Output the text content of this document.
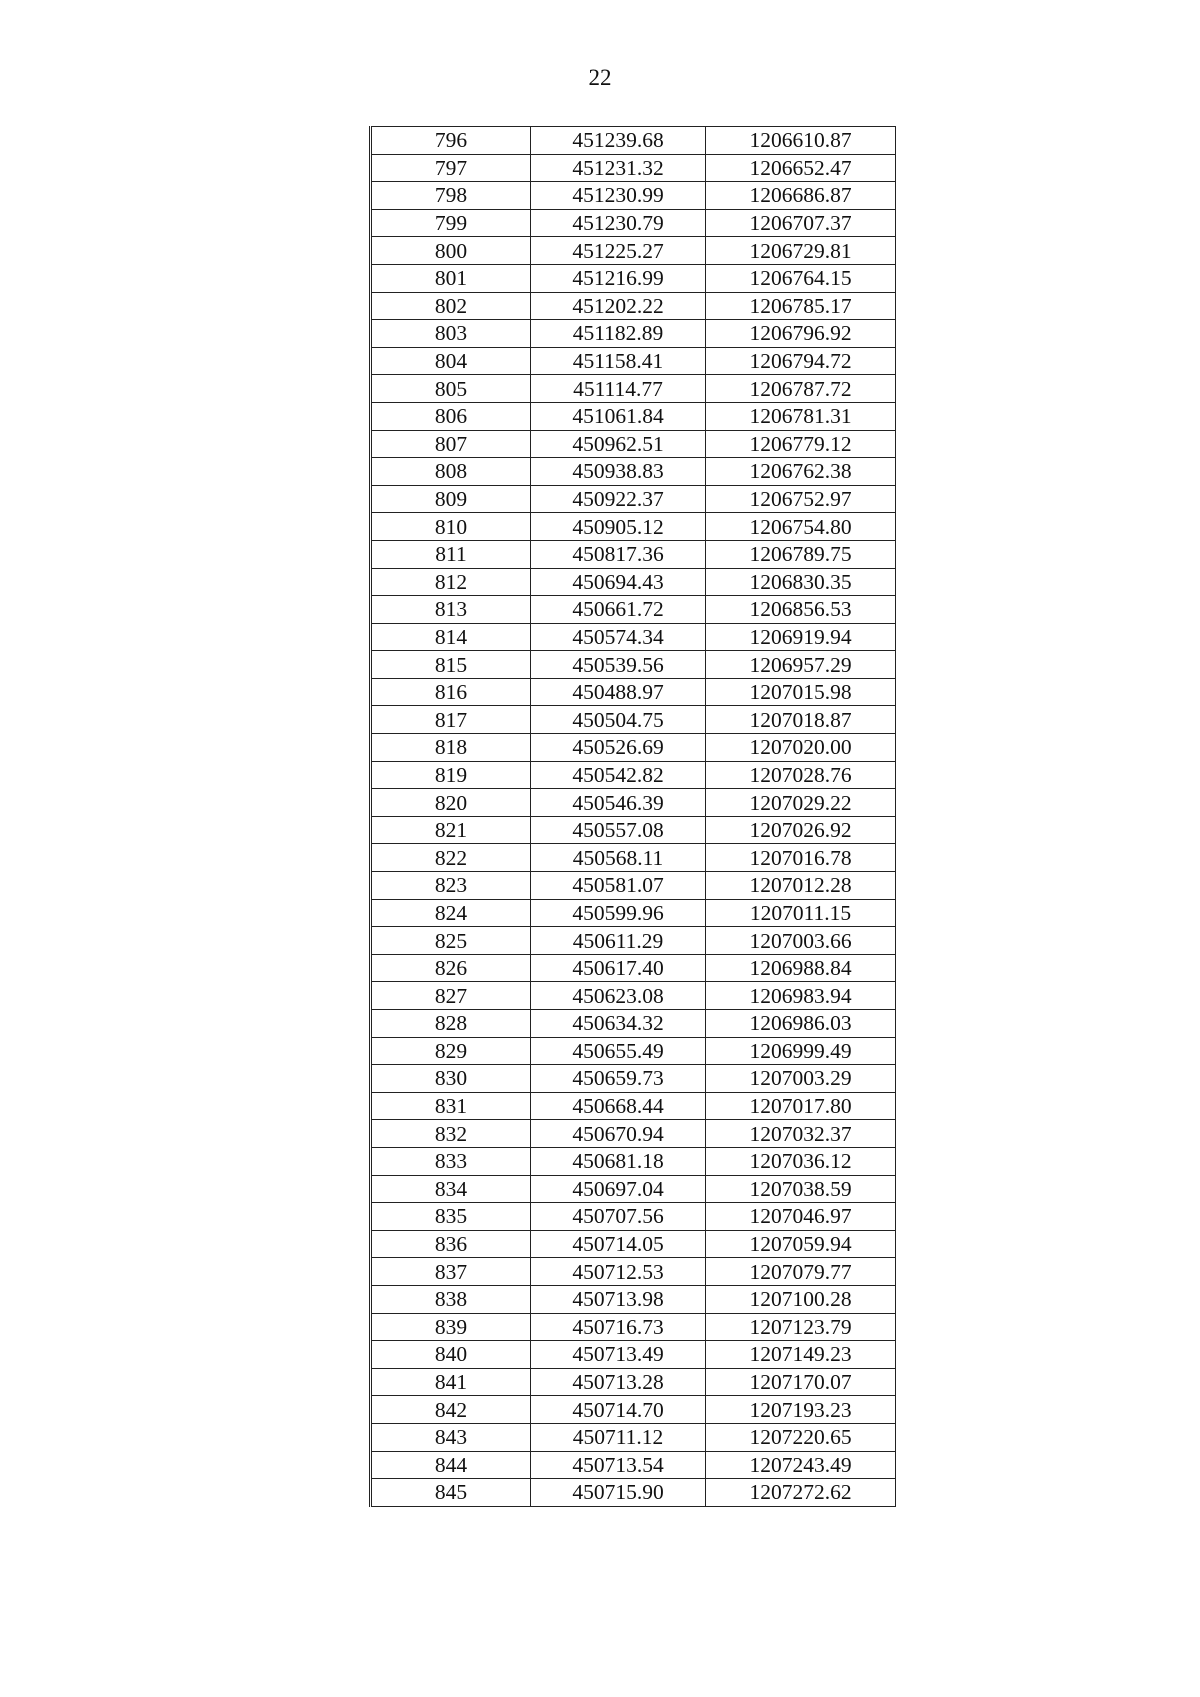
22
796	451239.68	1206610.87
797	451231.32	1206652.47
798	451230.99	1206686.87
799	451230.79	1206707.37
800	451225.27	1206729.81
801	451216.99	1206764.15
802	451202.22	1206785.17
803	451182.89	1206796.92
804	451158.41	1206794.72
805	451114.77	1206787.72
806	451061.84	1206781.31
807	450962.51	1206779.12
808	450938.83	1206762.38
809	450922.37	1206752.97
810	450905.12	1206754.80
811	450817.36	1206789.75
812	450694.43	1206830.35
813	450661.72	1206856.53
814	450574.34	1206919.94
815	450539.56	1206957.29
816	450488.97	1207015.98
817	450504.75	1207018.87
818	450526.69	1207020.00
819	450542.82	1207028.76
820	450546.39	1207029.22
821	450557.08	1207026.92
822	450568.11	1207016.78
823	450581.07	1207012.28
824	450599.96	1207011.15
825	450611.29	1207003.66
826	450617.40	1206988.84
827	450623.08	1206983.94
828	450634.32	1206986.03
829	450655.49	1206999.49
830	450659.73	1207003.29
831	450668.44	1207017.80
832	450670.94	1207032.37
833	450681.18	1207036.12
834	450697.04	1207038.59
835	450707.56	1207046.97
836	450714.05	1207059.94
837	450712.53	1207079.77
838	450713.98	1207100.28
839	450716.73	1207123.79
840	450713.49	1207149.23
841	450713.28	1207170.07
842	450714.70	1207193.23
843	450711.12	1207220.65
844	450713.54	1207243.49
845	450715.90	1207272.62
